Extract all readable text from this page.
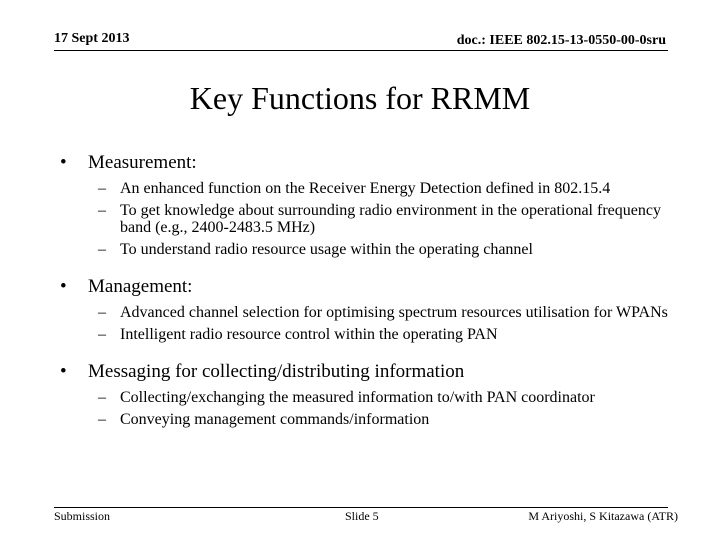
17 Sept 2013	doc.: IEEE 802.15-13-0550-00-0sru
Key Functions for RRMM
•	Measurement:
– An enhanced function on the Receiver Energy Detection defined in 802.15.4
– To get knowledge about surrounding radio environment in the operational frequency band (e.g., 2400-2483.5 MHz)
– To understand radio resource usage within the operating channel
•	Management:
– Advanced channel selection for optimising spectrum resources utilisation for WPANs
– Intelligent radio resource control within the operating PAN
•	Messaging for collecting/distributing information
– Collecting/exchanging the measured information to/with PAN coordinator
– Conveying management commands/information
Submission	Slide 5	M Ariyoshi, S Kitazawa (ATR)
